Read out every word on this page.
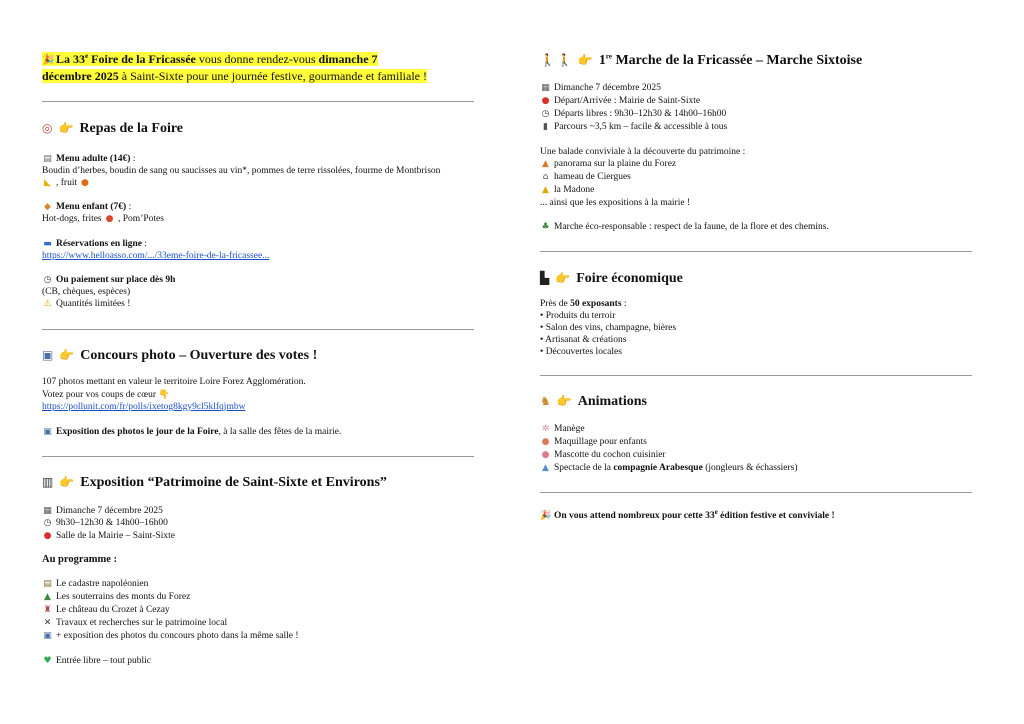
🎉 La 33e Foire de la Fricassée vous donne rendez-vous dimanche 7
décembre 2025 à Saint-Sixte pour une journée festive, gourmande et familiale !
◎ 👉 Repas de la Foire
▤ Menu adulte (14€) :
Boudin d’herbes, boudin de sang ou saucisses au vin*, pommes de terre rissolées, fourme de Montbrison
◣ , fruit ●
◆ Menu enfant (7€) :
Hot-dogs, frites ● , Pom’Potes
▬ Réservations en ligne :
https://www.helloasso.com/.../33eme-foire-de-la-fricassee...
◷ Ou paiement sur place dès 9h
(CB, chèques, espèces)
⚠ Quantités limitées !
▣ 👉 Concours photo – Ouverture des votes !
107 photos mettant en valeur le territoire Loire Forez Agglomération.
Votez pour vos coups de cœur 👇
https://pollunit.com/fr/polls/ixetog8kgy9cl5klfqjmbw
▣ Exposition des photos le jour de la Foire, à la salle des fêtes de la mairie.
▥ 👉 Exposition “Patrimoine de Saint-Sixte et Environs”
▦ Dimanche 7 décembre 2025
◷ 9h30–12h30 & 14h00–16h00
● Salle de la Mairie – Saint-Sixte
Au programme :
▤ Le cadastre napoléonien
▲ Les souterrains des monts du Forez
♜ Le château du Crozet à Cezay
✕ Travaux et recherches sur le patrimoine local
▣ + exposition des photos du concours photo dans la même salle !
♥ Entrée libre – tout public
🚶 🚶 👉 1re Marche de la Fricassée – Marche Sixtoise
▦ Dimanche 7 décembre 2025
● Départ/Arrivée : Mairie de Saint-Sixte
◷ Départs libres : 9h30–12h30 & 14h00–16h00
▮ Parcours ~3,5 km – facile & accessible à tous
Une balade conviviale à la découverte du patrimoine :
▲ panorama sur la plaine du Forez
⌂ hameau de Ciergues
▲ la Madone
... ainsi que les expositions à la mairie !
♣ Marche éco-responsable : respect de la faune, de la flore et des chemins.
▙ 👉 Foire économique
Près de 50 exposants :
• Produits du terroir
• Salon des vins, champagne, bières
• Artisanat & créations
• Découvertes locales
♞ 👉 Animations
✲ Manège
● Maquillage pour enfants
● Mascotte du cochon cuisinier
▲ Spectacle de la compagnie Arabesque (jongleurs & échassiers)
🎉 On vous attend nombreux pour cette 33e édition festive et conviviale !
